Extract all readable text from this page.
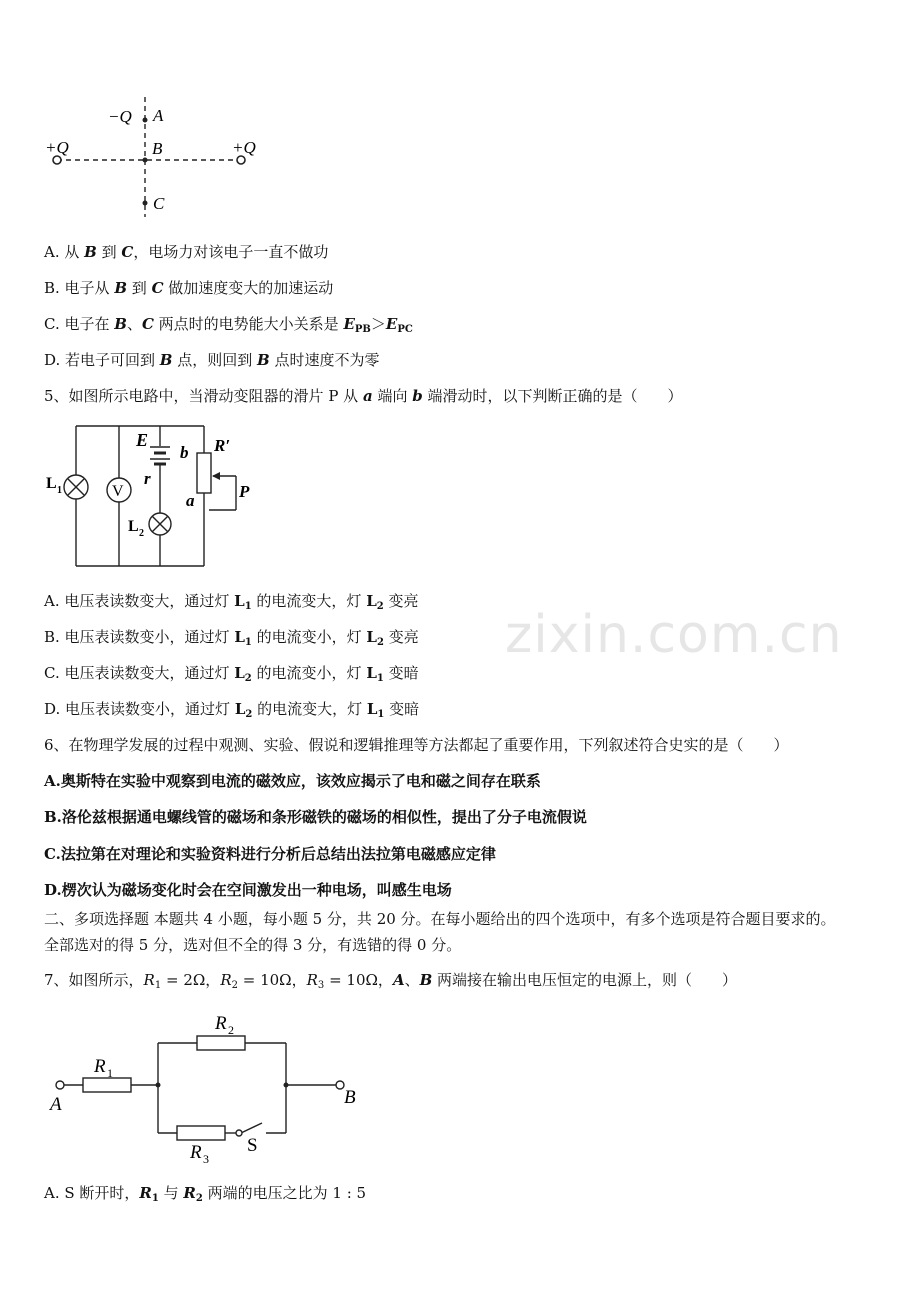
zixin.com.cn
−Q A
+Q	B	+Q
C
A. 从 B 到 C，电场力对该电子一直不做功
B. 电子从 B 到 C 做加速度变大的加速运动
C. 电子在 B、C 两点时的电势能大小关系是 $E_{PB}>E_{PC}$
D. 若电子可回到 B 点，则回到 B 点时速度不为零
5、如图所示电路中，当滑动变阻器的滑片 P 从 a 端向 b 端滑动时，以下判断正确的是（　　）
V
E
b R′
L 1
r
a	P
L 2
A. 电压表读数变大，通过灯 $L_1$ 的电流变大，灯 $L_2$ 变亮
B. 电压表读数变小，通过灯 $L_1$ 的电流变小，灯 $L_2$ 变亮
C. 电压表读数变大，通过灯 $L_2$ 的电流变小，灯 $L_1$ 变暗
D. 电压表读数变小，通过灯 $L_2$ 的电流变大，灯 $L_1$ 变暗
6、在物理学发展的过程中观测、实验、假说和逻辑推理等方法都起了重要作用，下列叙述符合史实的是（　　）
A.奥斯特在实验中观察到电流的磁效应，该效应揭示了电和磁之间存在联系
B.洛伦兹根据通电螺线管的磁场和条形磁铁的磁场的相似性，提出了分子电流假说
C.法拉第在对理论和实验资料进行分析后总结出法拉第电磁感应定律
D.楞次认为磁场变化时会在空间激发出一种电场，叫感生电场
二、多项选择题 本题共 4 小题，每小题 5 分，共 20 分。在每小题给出的四个选项中，有多个选项是符合题目要求的。
全部选对的得 5 分，选对但不全的得 3 分，有选错的得 0 分。
7、如图所示，$R_1 = 2\Omega$，$R_2 = 10\Omega$，$R_3 = 10\Omega$，A、B 两端接在输出电压恒定的电源上，则（　　）
R 2
R 1
A	B
R 3
S
A. S 断开时，$R_1$ 与 $R_2$ 两端的电压之比为 1 : 5
